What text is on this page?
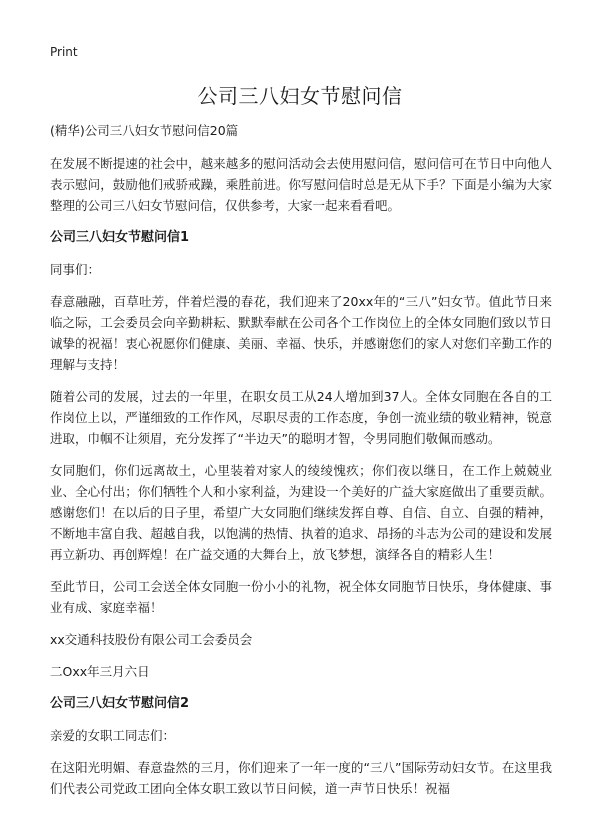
Print
公司三八妇女节慰问信

(精华)公司三八妇女节慰问信20篇

在发展不断提速的社会中，越来越多的慰问活动会去使用慰问信，慰问信可在节日中向他人表示慰问，鼓励他们戒骄戒躁，乘胜前进。你写慰问信时总是无从下手？下面是小编为大家整理的公司三八妇女节慰问信，仅供参考，大家一起来看看吧。

公司三八妇女节慰问信1

同事们：

春意融融，百草吐芳，伴着烂漫的春花，我们迎来了20xx年的“三八”妇女节。值此节日来临之际，工会委员会向辛勤耕耘、默默奉献在公司各个工作岗位上的全体女同胞们致以节日诚挚的祝福！衷心祝愿你们健康、美丽、幸福、快乐，并感谢您们的家人对您们辛勤工作的理解与支持！

随着公司的发展，过去的一年里，在职女员工从24人增加到37人。全体女同胞在各自的工作岗位上以，严谨细致的工作作风，尽职尽责的工作态度，争创一流业绩的敬业精神，锐意进取，巾帼不让须眉，充分发挥了“半边天”的聪明才智，令男同胞们敬佩而感动。

女同胞们，你们远离故土，心里装着对家人的绫绫愧疚；你们夜以继日，在工作上兢兢业业、全心付出；你们牺牲个人和小家利益，为建设一个美好的广益大家庭做出了重要贡献。感谢您们！在以后的日子里，希望广大女同胞们继续发挥自尊、自信、自立、自强的精神，不断地丰富自我、超越自我，以饱满的热情、执着的追求、昂扬的斗志为公司的建设和发展再立新功、再创辉煌！在广益交通的大舞台上，放飞梦想，演绎各自的精彩人生！

至此节日，公司工会送全体女同胞一份小小的礼物，祝全体女同胞节日快乐，身体健康、事业有成、家庭幸福！

xx交通科技股份有限公司工会委员会

二Oxx年三月六日

公司三八妇女节慰问信2

亲爱的女职工同志们：

在这阳光明媚、春意盎然的三月，你们迎来了一年一度的“三八”国际劳动妇女节。在这里我们代表公司党政工团向全体女职工致以节日问候，道一声节日快乐！祝福
